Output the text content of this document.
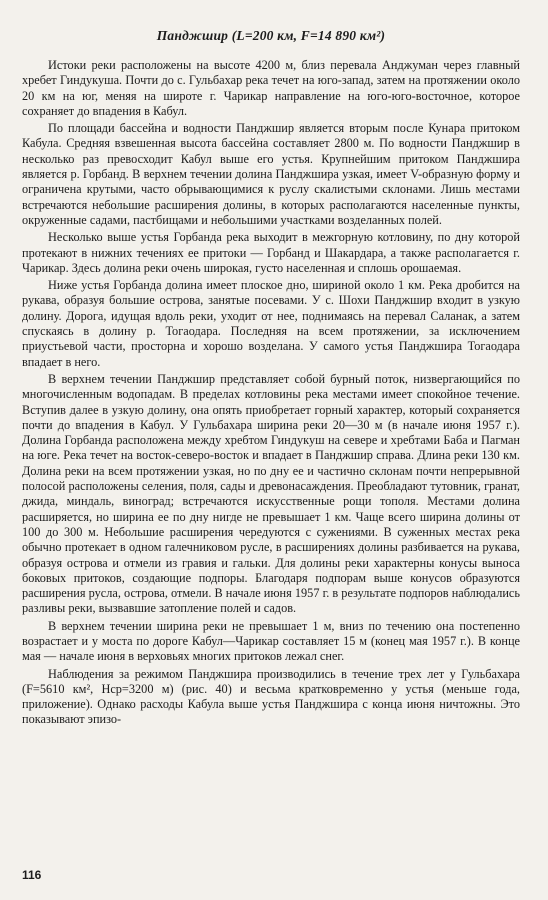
Панджшир (L=200 км, F=14 890 км²)

Истоки реки расположены на высоте 4200 м, близ перевала Анджуман через главный хребет Гиндукуша. Почти до с. Гульбахар река течет на юго-запад, затем на протяжении около 20 км на юг, меняя на широте г. Чарикар направление на юго-юго-восточное, которое сохраняет до впадения в Кабул.

По площади бассейна и водности Панджшир является вторым после Кунара притоком Кабула. Средняя взвешенная высота бассейна составляет 2800 м. По водности Панджшир в несколько раз превосходит Кабул выше его устья. Крупнейшим притоком Панджшира является р. Горбанд. В верхнем течении долина Панджшира узкая, имеет V-образную форму и ограничена крутыми, часто обрывающимися к руслу скалистыми склонами. Лишь местами встречаются небольшие расширения долины, в которых располагаются населенные пункты, окруженные садами, пастбищами и небольшими участками возделанных полей.

Несколько выше устья Горбанда река выходит в межгорную котловину, по дну которой протекают в нижних течениях ее притоки — Горбанд и Шакардара, а также располагается г. Чарикар. Здесь долина реки очень широкая, густо населенная и сплошь орошаемая.

Ниже устья Горбанда долина имеет плоское дно, шириной около 1 км. Река дробится на рукава, образуя большие острова, занятые посевами. У с. Шохи Панджшир входит в узкую долину. Дорога, идущая вдоль реки, уходит от нее, поднимаясь на перевал Саланак, а затем спускаясь в долину р. Тогаодара. Последняя на всем протяжении, за исключением приустьевой части, просторна и хорошо возделана. У самого устья Панджшира Тогаодара впадает в него.

В верхнем течении Панджшир представляет собой бурный поток, низвергающийся по многочисленным водопадам. В пределах котловины река местами имеет спокойное течение. Вступив далее в узкую долину, она опять приобретает горный характер, который сохраняется почти до впадения в Кабул. У Гульбахара ширина реки 20—30 м (в начале июня 1957 г.). Долина Горбанда расположена между хребтом Гиндукуш на севере и хребтами Баба и Пагман на юге. Река течет на восток-северо-восток и впадает в Панджшир справа. Длина реки 130 км. Долина реки на всем протяжении узкая, но по дну ее и частично склонам почти непрерывной полосой расположены селения, поля, сады и древонасаждения. Преобладают тутовник, гранат, джида, миндаль, виноград; встречаются искусственные рощи тополя. Местами долина расширяется, но ширина ее по дну нигде не превышает 1 км. Чаще всего ширина долины от 100 до 300 м. Небольшие расширения чередуются с сужениями. В суженных местах река обычно протекает в одном галечниковом русле, в расширениях долины разбивается на рукава, образуя острова и отмели из гравия и гальки. Для долины реки характерны конусы выноса боковых притоков, создающие подпоры. Благодаря подпорам выше конусов образуются расширения русла, острова, отмели. В начале июня 1957 г. в результате подпоров наблюдались разливы реки, вызвавшие затопление полей и садов.

В верхнем течении ширина реки не превышает 1 м, вниз по течению она постепенно возрастает и у моста по дороге Кабул—Чарикар составляет 15 м (конец мая 1957 г.). В конце мая — начале июня в верховьях многих притоков лежал снег.

Наблюдения за режимом Панджшира производились в течение трех лет у Гульбахара (F=5610 км², Hср=3200 м) (рис. 40) и весьма кратковременно у устья (меньше года, приложение). Однако расходы Кабула выше устья Панджшира с конца июня ничтожны. Это показывают эпизо-

116
